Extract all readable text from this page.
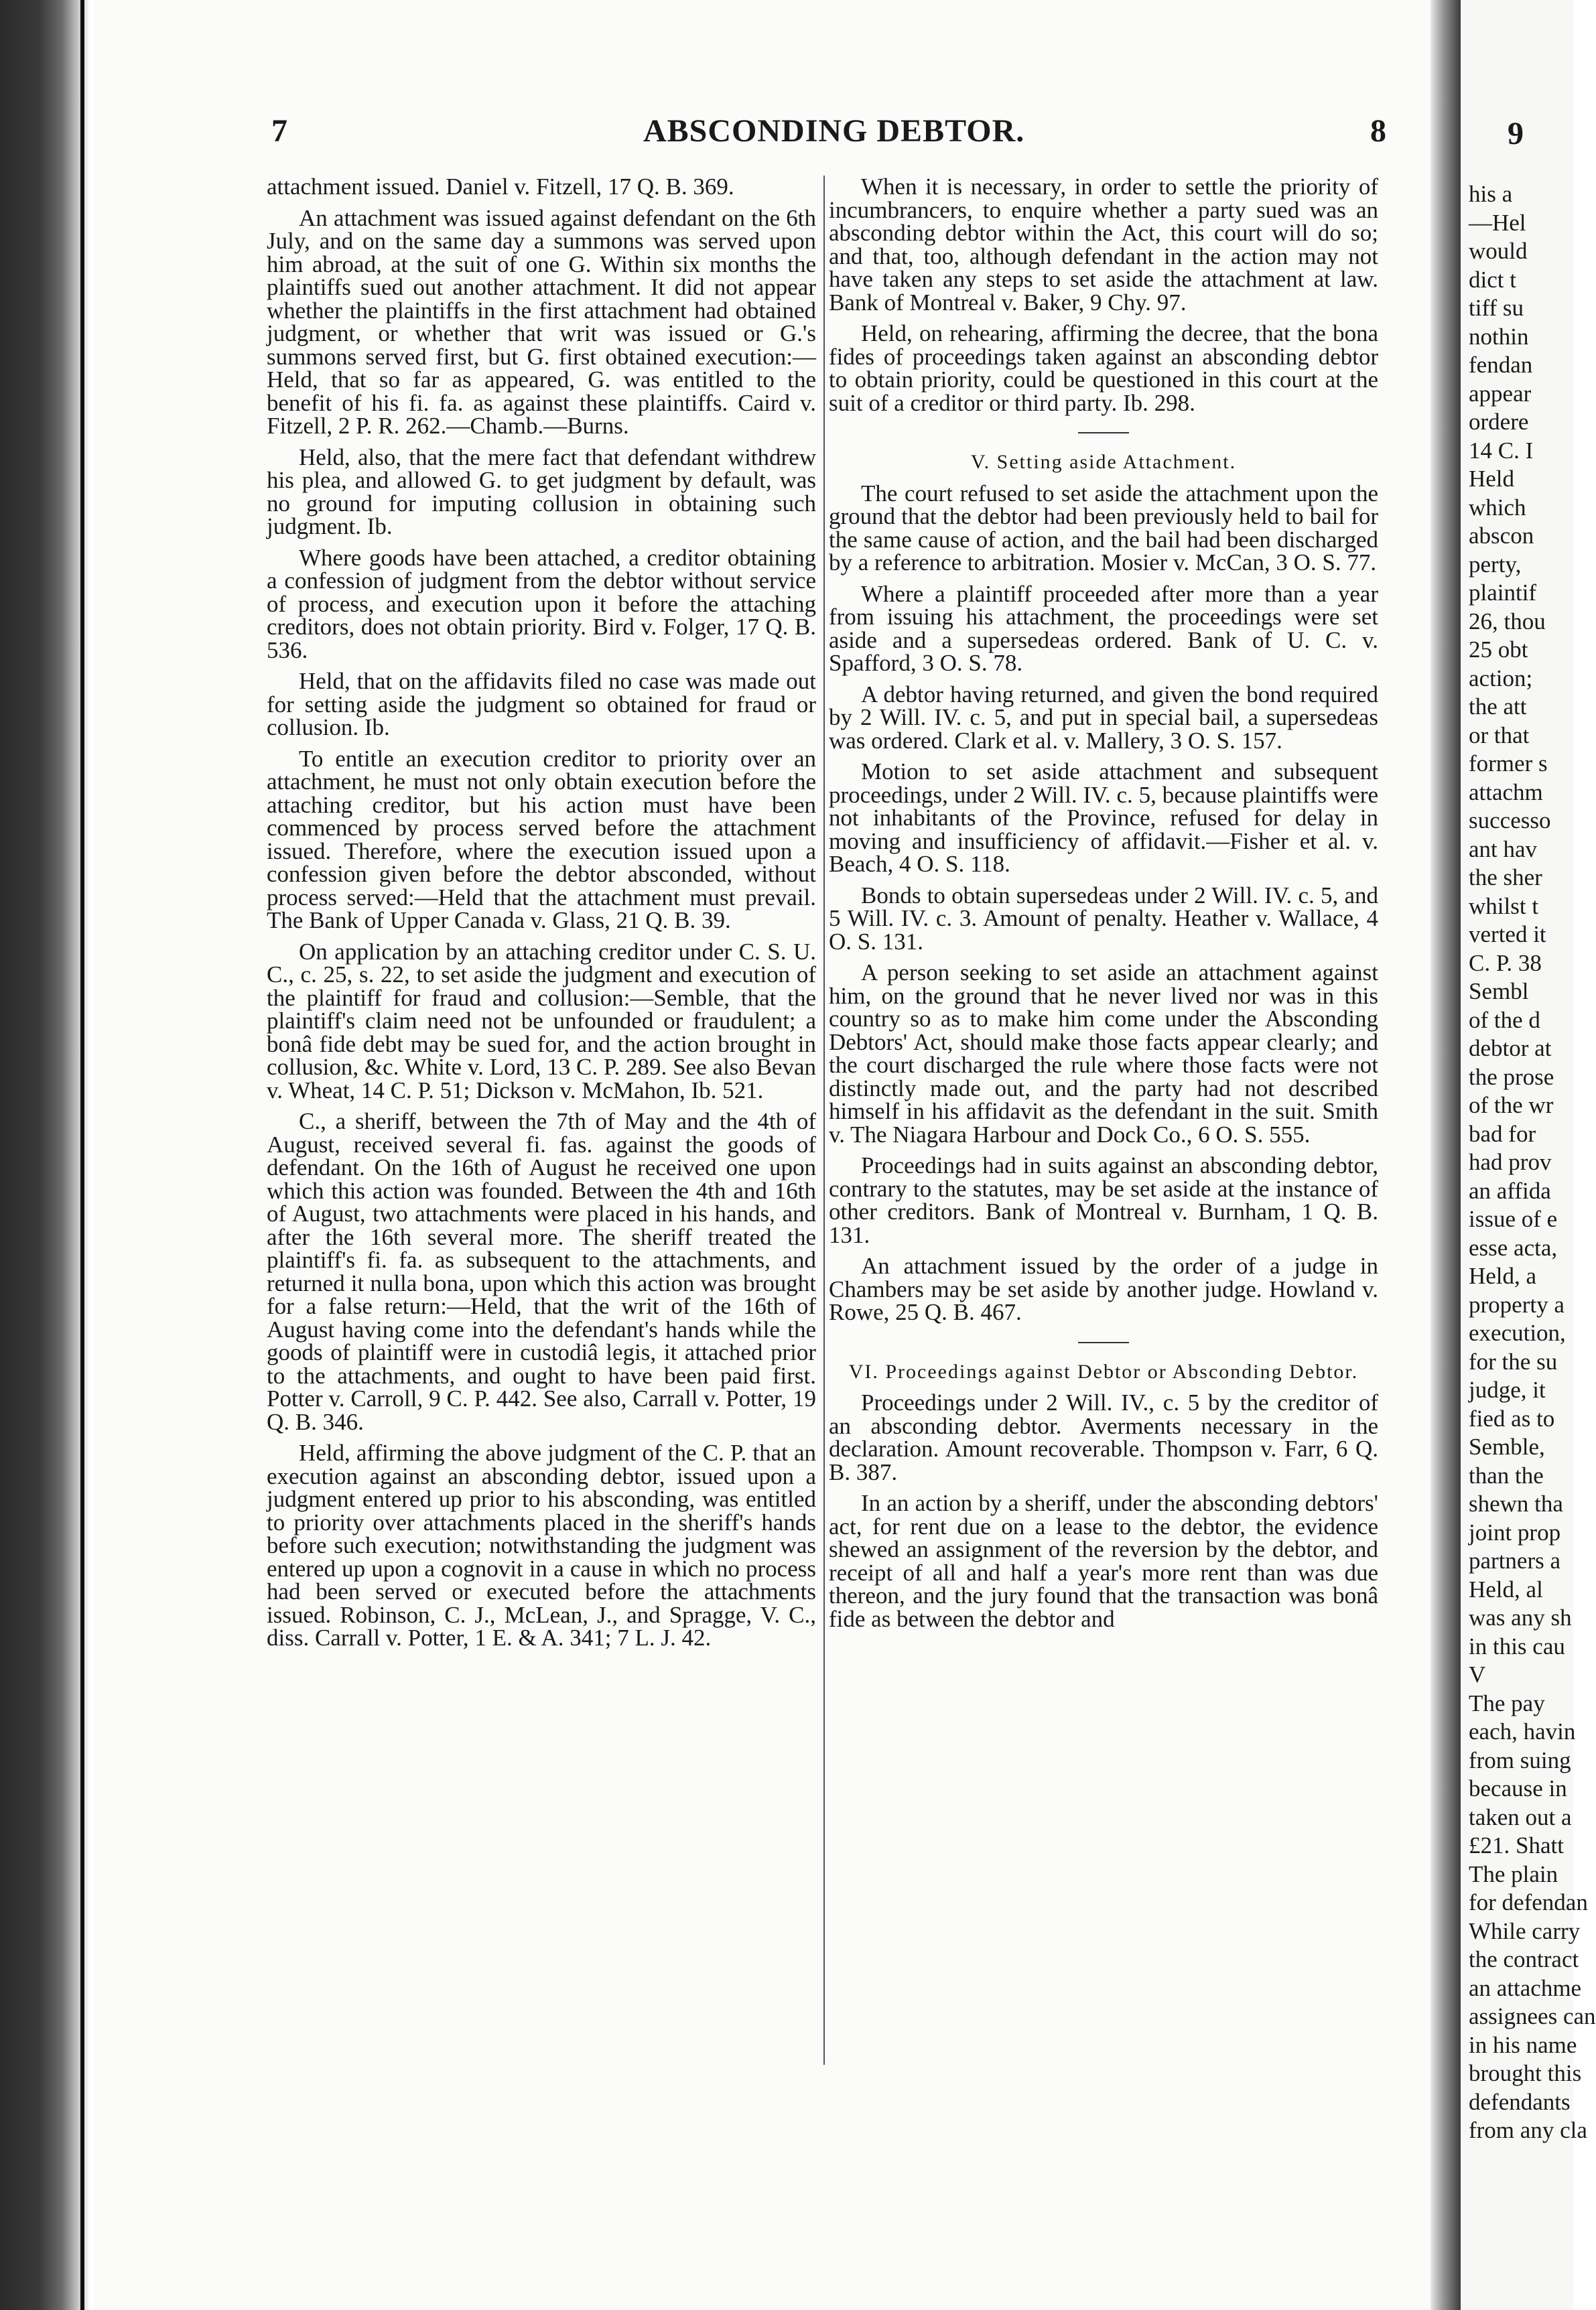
7	ABSCONDING DEBTOR.	8

attachment issued. Daniel v. Fitzell, 17 Q. B. 369.

An attachment was issued against defendant on the 6th July, and on the same day a summons was served upon him abroad, at the suit of one G. Within six months the plaintiffs sued out another attachment. It did not appear whether the plaintiffs in the first attachment had obtained judgment, or whether that writ was issued or G.'s summons served first, but G. first obtained execution:—Held, that so far as appeared, G. was entitled to the benefit of his fi. fa. as against these plaintiffs. Caird v. Fitzell, 2 P. R. 262.—Chamb.—Burns.

Held, also, that the mere fact that defendant withdrew his plea, and allowed G. to get judgment by default, was no ground for imputing collusion in obtaining such judgment. Ib.

Where goods have been attached, a creditor obtaining a confession of judgment from the debtor without service of process, and execution upon it before the attaching creditors, does not obtain priority. Bird v. Folger, 17 Q. B. 536.

Held, that on the affidavits filed no case was made out for setting aside the judgment so obtained for fraud or collusion. Ib.

To entitle an execution creditor to priority over an attachment, he must not only obtain execution before the attaching creditor, but his action must have been commenced by process served before the attachment issued. Therefore, where the execution issued upon a confession given before the debtor absconded, without process served:—Held that the attachment must prevail. The Bank of Upper Canada v. Glass, 21 Q. B. 39.

On application by an attaching creditor under C. S. U. C., c. 25, s. 22, to set aside the judgment and execution of the plaintiff for fraud and collusion:—Semble, that the plaintiff's claim need not be unfounded or fraudulent; a bonâ fide debt may be sued for, and the action brought in collusion, &c. White v. Lord, 13 C. P. 289. See also Bevan v. Wheat, 14 C. P. 51; Dickson v. McMahon, Ib. 521.

C., a sheriff, between the 7th of May and the 4th of August, received several fi. fas. against the goods of defendant. On the 16th of August he received one upon which this action was founded. Between the 4th and 16th of August, two attachments were placed in his hands, and after the 16th several more. The sheriff treated the plaintiff's fi. fa. as subsequent to the attachments, and returned it nulla bona, upon which this action was brought for a false return:—Held, that the writ of the 16th of August having come into the defendant's hands while the goods of plaintiff were in custodiâ legis, it attached prior to the attachments, and ought to have been paid first. Potter v. Carroll, 9 C. P. 442. See also, Carrall v. Potter, 19 Q. B. 346.

Held, affirming the above judgment of the C. P. that an execution against an absconding debtor, issued upon a judgment entered up prior to his absconding, was entitled to priority over attachments placed in the sheriff's hands before such execution; notwithstanding the judgment was entered up upon a cognovit in a cause in which no process had been served or executed before the attachments issued. Robinson, C. J., McLean, J., and Spragge, V. C., diss. Carrall v. Potter, 1 E. & A. 341; 7 L. J. 42.

When it is necessary, in order to settle the priority of incumbrancers, to enquire whether a party sued was an absconding debtor within the Act, this court will do so; and that, too, although defendant in the action may not have taken any steps to set aside the attachment at law. Bank of Montreal v. Baker, 9 Chy. 97.

Held, on rehearing, affirming the decree, that the bona fides of proceedings taken against an absconding debtor to obtain priority, could be questioned in this court at the suit of a creditor or third party. Ib. 298.

V. Setting aside Attachment.

The court refused to set aside the attachment upon the ground that the debtor had been previously held to bail for the same cause of action, and the bail had been discharged by a reference to arbitration. Mosier v. McCan, 3 O. S. 77.

Where a plaintiff proceeded after more than a year from issuing his attachment, the proceedings were set aside and a supersedeas ordered. Bank of U. C. v. Spafford, 3 O. S. 78.

A debtor having returned, and given the bond required by 2 Will. IV. c. 5, and put in special bail, a supersedeas was ordered. Clark et al. v. Mallery, 3 O. S. 157.

Motion to set aside attachment and subsequent proceedings, under 2 Will. IV. c. 5, because plaintiffs were not inhabitants of the Province, refused for delay in moving and insufficiency of affidavit.—Fisher et al. v. Beach, 4 O. S. 118.

Bonds to obtain supersedeas under 2 Will. IV. c. 5, and 5 Will. IV. c. 3. Amount of penalty. Heather v. Wallace, 4 O. S. 131.

A person seeking to set aside an attachment against him, on the ground that he never lived nor was in this country so as to make him come under the Absconding Debtors' Act, should make those facts appear clearly; and the court discharged the rule where those facts were not distinctly made out, and the party had not described himself in his affidavit as the defendant in the suit. Smith v. The Niagara Harbour and Dock Co., 6 O. S. 555.

Proceedings had in suits against an absconding debtor, contrary to the statutes, may be set aside at the instance of other creditors. Bank of Montreal v. Burnham, 1 Q. B. 131.

An attachment issued by the order of a judge in Chambers may be set aside by another judge. Howland v. Rowe, 25 Q. B. 467.

VI. Proceedings against Debtor or Absconding Debtor.

Proceedings under 2 Will. IV., c. 5 by the creditor of an absconding debtor. Averments necessary in the declaration. Amount recoverable. Thompson v. Farr, 6 Q. B. 387.

In an action by a sheriff, under the absconding debtors' act, for rent due on a lease to the debtor, the evidence shewed an assignment of the reversion by the debtor, and receipt of all and half a year's more rent than was due thereon, and the jury found that the transaction was bonâ fide as between the debtor and

9
his a
—Hel
would
dict t
tiff su
nothin
fendan
appear
ordere
14 C. I
Held
which
abscon
perty,
plaintif
26, thou
25 obt
action;
the att
or that
former s
attachm
successo
ant hav
the sher
whilst t
verted it
C. P. 38
Sembl
of the d
debtor at
the prose
of the wr
bad for
had prov
an affida
issue of e
esse acta,
Held, a
property a
execution,
for the su
judge, it
fied as to
Semble,
than the
shewn tha
joint prop
partners a
Held, al
was any sh
in this cau
V
The pay
each, havin
from suing
because in
taken out a
£21. Shatt
The plain
for defendan
While carry
the contract
an attachme
assignees can
in his name
brought this
defendants
from any cla
